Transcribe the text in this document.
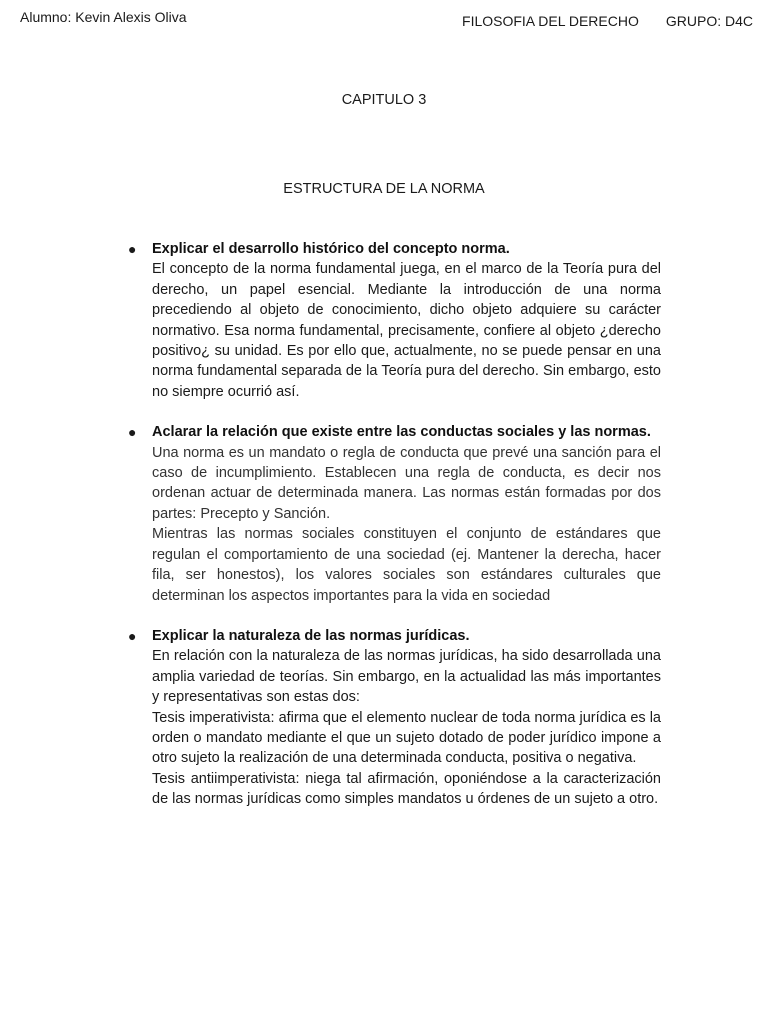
Alumno: Kevin Alexis Oliva	FILOSOFIA DEL DERECHO GRUPO: D4C
CAPITULO 3
ESTRUCTURA DE LA NORMA
● Explicar el desarrollo histórico del concepto norma.
El concepto de la norma fundamental juega, en el marco de la Teoría pura del derecho, un papel esencial. Mediante la introducción de una norma precediendo al objeto de conocimiento, dicho objeto adquiere su carácter normativo. Esa norma fundamental, precisamente, confiere al objeto ¿derecho positivo¿ su unidad. Es por ello que, actualmente, no se puede pensar en una norma fundamental separada de la Teoría pura del derecho. Sin embargo, esto no siempre ocurrió así.
● Aclarar la relación que existe entre las conductas sociales y las normas.
Una norma es un mandato o regla de conducta que prevé una sanción para el caso de incumplimiento. Establecen una regla de conducta, es decir nos ordenan actuar de determinada manera. Las normas están formadas por dos partes: Precepto y Sanción.
Mientras las normas sociales constituyen el conjunto de estándares que regulan el comportamiento de una sociedad (ej. Mantener la derecha, hacer fila, ser honestos), los valores sociales son estándares culturales que determinan los aspectos importantes para la vida en sociedad
● Explicar la naturaleza de las normas jurídicas.
En relación con la naturaleza de las normas jurídicas, ha sido desarrollada una amplia variedad de teorías. Sin embargo, en la actualidad las más importantes y representativas son estas dos:
Tesis imperativista: afirma que el elemento nuclear de toda norma jurídica es la orden o mandato mediante el que un sujeto dotado de poder jurídico impone a otro sujeto la realización de una determinada conducta, positiva o negativa.
Tesis antiimperativista: niega tal afirmación, oponiéndose a la caracterización de las normas jurídicas como simples mandatos u órdenes de un sujeto a otro.
